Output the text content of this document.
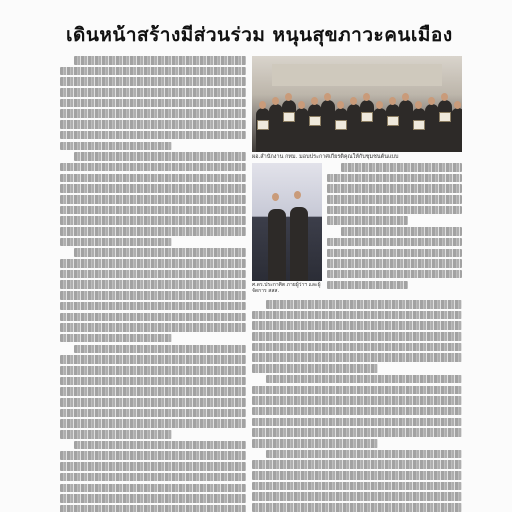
เดินหน้าสร้างมีส่วนร่วม หนุนสุขภาวะคนเมือง
ผอ.สำนักงาน กทม. มอบประกาศเกียรติคุณให้กับชุมชนต้นแบบ
ศ.ดร.ประกาศิต ภายผู้ว่าฯ และผู้จัดการ สสส.
